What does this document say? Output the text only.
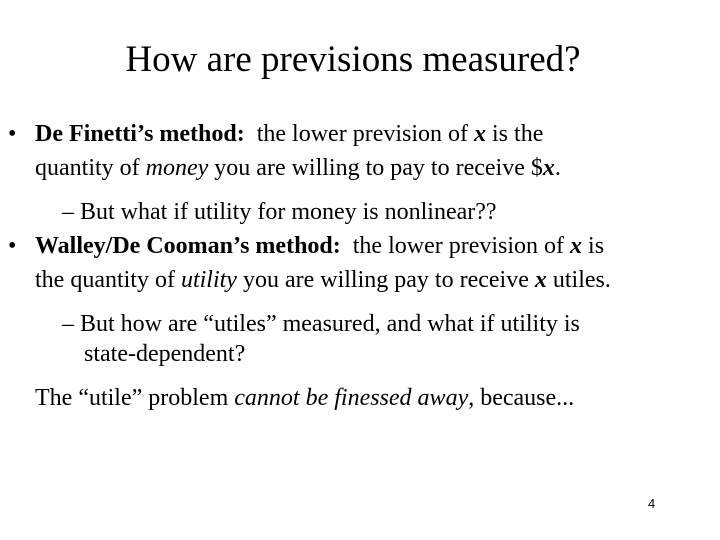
How are previsions measured?
• De Finetti’s method:  the lower prevision of x is the
quantity of money you are willing to pay to receive $x.
– But what if utility for money is nonlinear??
• Walley/De Cooman’s method:  the lower prevision of x is
the quantity of utility you are willing pay to receive x utiles.
– But how are “utiles” measured, and what if utility is
state-dependent?
The “utile” problem cannot be finessed away, because...
4
